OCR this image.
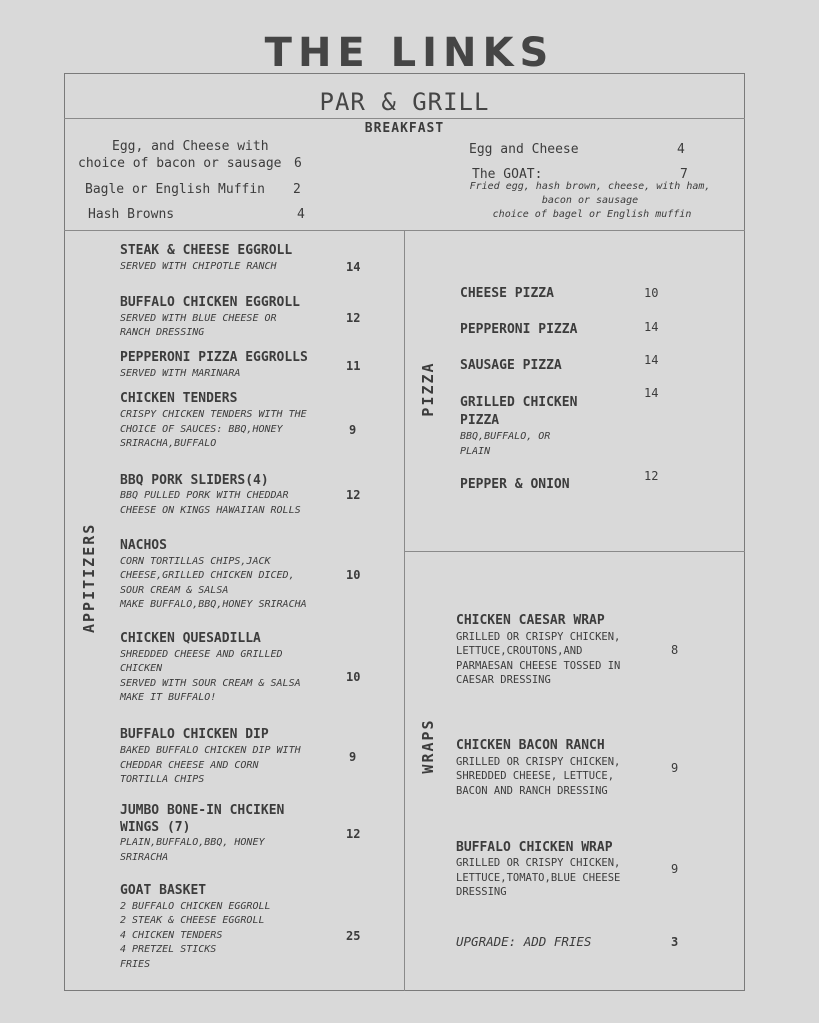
THE LINKS
PAR & GRILL
BREAKFAST
Egg, and Cheese with
choice of bacon or sausage 6
Bagle or English Muffin 2
Hash Browns	4
Egg and Cheese	4
The GOAT:	7
Fried egg, hash brown, cheese, with ham,
bacon or sausage
choice of bagel or English muffin
APPITIZERS
PIZZA
WRAPS
STEAK & CHEESE EGGROLL
SERVED WITH CHIPOTLE RANCH	14
BUFFALO CHICKEN EGGROLL
SERVED WITH BLUE CHEESE OR
RANCH DRESSING
12
PEPPERONI PIZZA EGGROLLS
SERVED WITH MARINARA
11
CHICKEN TENDERS
CRISPY CHICKEN TENDERS WITH THE
CHOICE OF SAUCES: BBQ,HONEY
SRIRACHA,BUFFALO
9
BBQ PORK SLIDERS(4)
BBQ PULLED PORK WITH CHEDDAR
CHEESE ON KINGS HAWAIIAN ROLLS
12
NACHOS
CORN TORTILLAS CHIPS,JACK
CHEESE,GRILLED CHICKEN DICED,
SOUR CREAM & SALSA
MAKE BUFFALO,BBQ,HONEY SRIRACHA
10
CHICKEN QUESADILLA
SHREDDED CHEESE AND GRILLED
CHICKEN
SERVED WITH SOUR CREAM & SALSA
MAKE IT BUFFALO!
10
BUFFALO CHICKEN DIP
BAKED BUFFALO CHICKEN DIP WITH
CHEDDAR CHEESE AND CORN
TORTILLA CHIPS
9
JUMBO BONE-IN CHCIKEN
WINGS (7)
PLAIN,BUFFALO,BBQ, HONEY
SRIRACHA
12
GOAT BASKET
2 BUFFALO CHICKEN EGGROLL
2 STEAK & CHEESE EGGROLL
4 CHICKEN TENDERS
4 PRETZEL STICKS
FRIES
25
CHEESE PIZZA	10
PEPPERONI PIZZA	14
SAUSAGE PIZZA	14
GRILLED CHICKEN
PIZZA
BBQ,BUFFALO, OR
PLAIN
14
PEPPER & ONION
12
CHICKEN CAESAR WRAP
GRILLED OR CRISPY CHICKEN,
LETTUCE,CROUTONS,AND
PARMAESAN CHEESE TOSSED IN
CAESAR DRESSING
8
CHICKEN BACON RANCH
GRILLED OR CRISPY CHICKEN,
SHREDDED CHEESE, LETTUCE,
BACON AND RANCH DRESSING
9
BUFFALO CHICKEN WRAP
GRILLED OR CRISPY CHICKEN,
LETTUCE,TOMATO,BLUE CHEESE
DRESSING
9
UPGRADE: ADD FRIES	3
